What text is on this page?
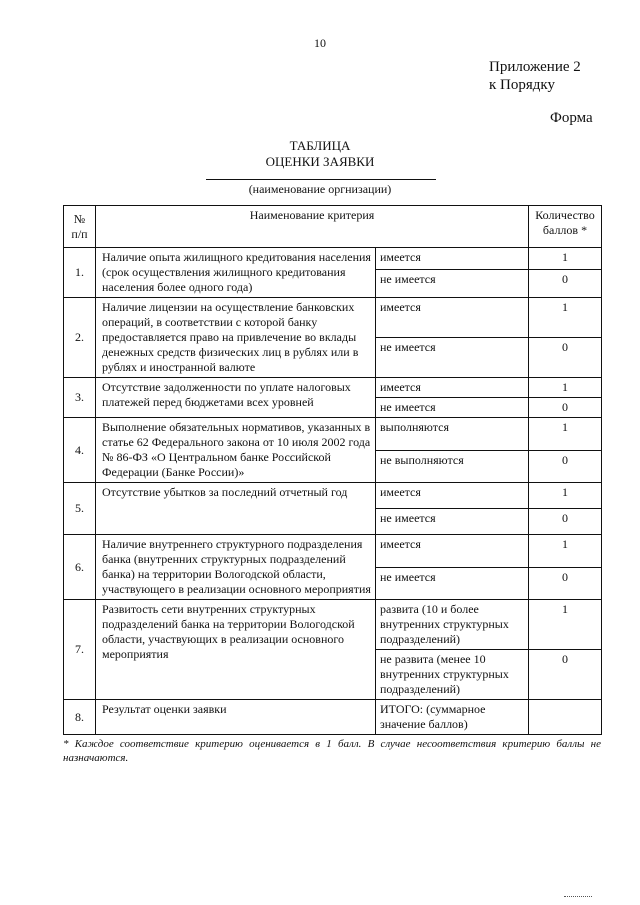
10
Приложение 2
к Порядку
Форма
ТАБЛИЦА
ОЦЕНКИ ЗАЯВКИ
(наименование оргнизации)
№ п/п	Наименование критерия		Количество баллов *
1.	Наличие опыта жилищного кредитования населения (срок осуществления жилищного кредитования населения более одного года)	имеется	1
		не имеется	0
2.	Наличие лицензии на осуществление банковских операций, в соответствии с которой банку предоставляется право на привлечение во вклады денежных средств физических лиц в рублях или в рублях и иностранной валюте	имеется	1
		не имеется	0
3.	Отсутствие задолженности по уплате налоговых платежей перед бюджетами всех уровней	имеется	1
		не имеется	0
4.	Выполнение обязательных нормативов, указанных в статье 62 Федерального закона от 10 июля 2002 года № 86-ФЗ «О Центральном банке Российской Федерации (Банке России)»	выполняются	1
		не выполняются	0
5.	Отсутствие убытков за последний отчетный год	имеется	1
		не имеется	0
6.	Наличие внутреннего структурного подразделения банка (внутренних структурных подразделений банка) на территории Вологодской области, участвующего в реализации основного мероприятия	имеется	1
		не имеется	0
7.	Развитость сети внутренних структурных подразделений банка на территории Вологодской области, участвующих в реализации основного мероприятия	развита (10 и более внутренних структурных подразделений)	1
		не развита (менее 10 внутренних структурных подразделений)	0
8.	Результат оценки заявки	ИТОГО: (суммарное значение баллов)	
* Каждое соответствие критерию оценивается в 1 балл. В случае несоответствия критерию баллы не назначаются.
